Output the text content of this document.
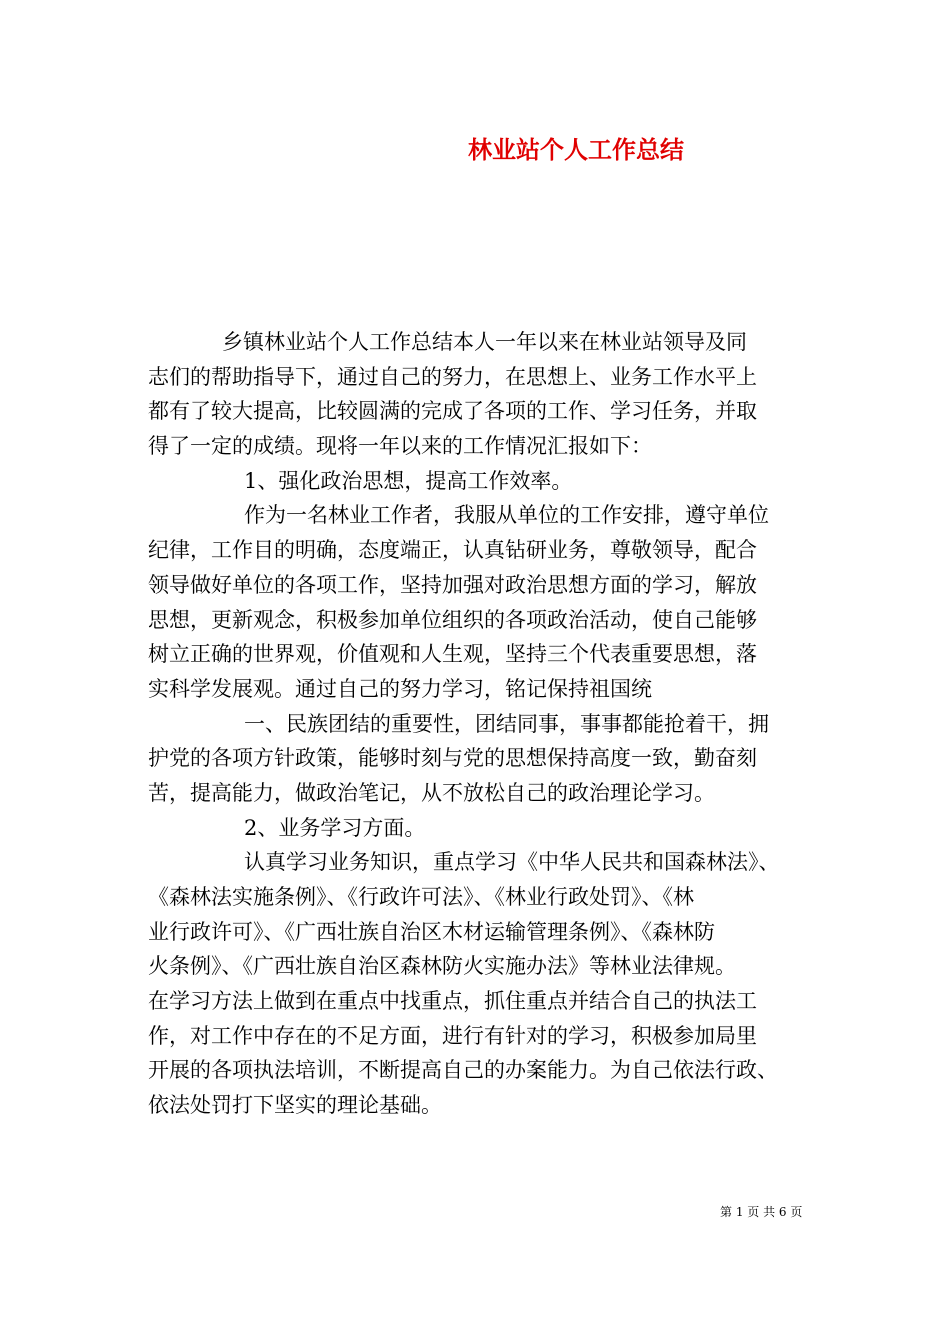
林业站个人工作总结
乡镇林业站个人工作总结本人一年以来在林业站领导及同
志们的帮助指导下，通过自己的努力，在思想上、业务工作水平上
都有了较大提高，比较圆满的完成了各项的工作、学习任务，并取
得了一定的成绩。现将一年以来的工作情况汇报如下：
1、强化政治思想，提高工作效率。
作为一名林业工作者，我服从单位的工作安排，遵守单位
纪律，工作目的明确，态度端正，认真钻研业务，尊敬领导，配合
领导做好单位的各项工作，坚持加强对政治思想方面的学习，解放
思想，更新观念，积极参加单位组织的各项政治活动，使自己能够
树立正确的世界观，价值观和人生观，坚持三个代表重要思想，落
实科学发展观。通过自己的努力学习，铭记保持祖国统
一、民族团结的重要性，团结同事，事事都能抢着干，拥
护党的各项方针政策，能够时刻与党的思想保持高度一致，勤奋刻
苦，提高能力，做政治笔记，从不放松自己的政治理论学习。
2、业务学习方面。
认真学习业务知识，重点学习《中华人民共和国森林法》、
《森林法实施条例》、《行政许可法》、《林业行政处罚》、《林
业行政许可》、《广西壮族自治区木材运输管理条例》、《森林防
火条例》、《广西壮族自治区森林防火实施办法》等林业法律规。
在学习方法上做到在重点中找重点，抓住重点并结合自己的执法工
作，对工作中存在的不足方面，进行有针对的学习，积极参加局里
开展的各项执法培训，不断提高自己的办案能力。为自己依法行政、
依法处罚打下坚实的理论基础。
第 1 页 共 6 页
